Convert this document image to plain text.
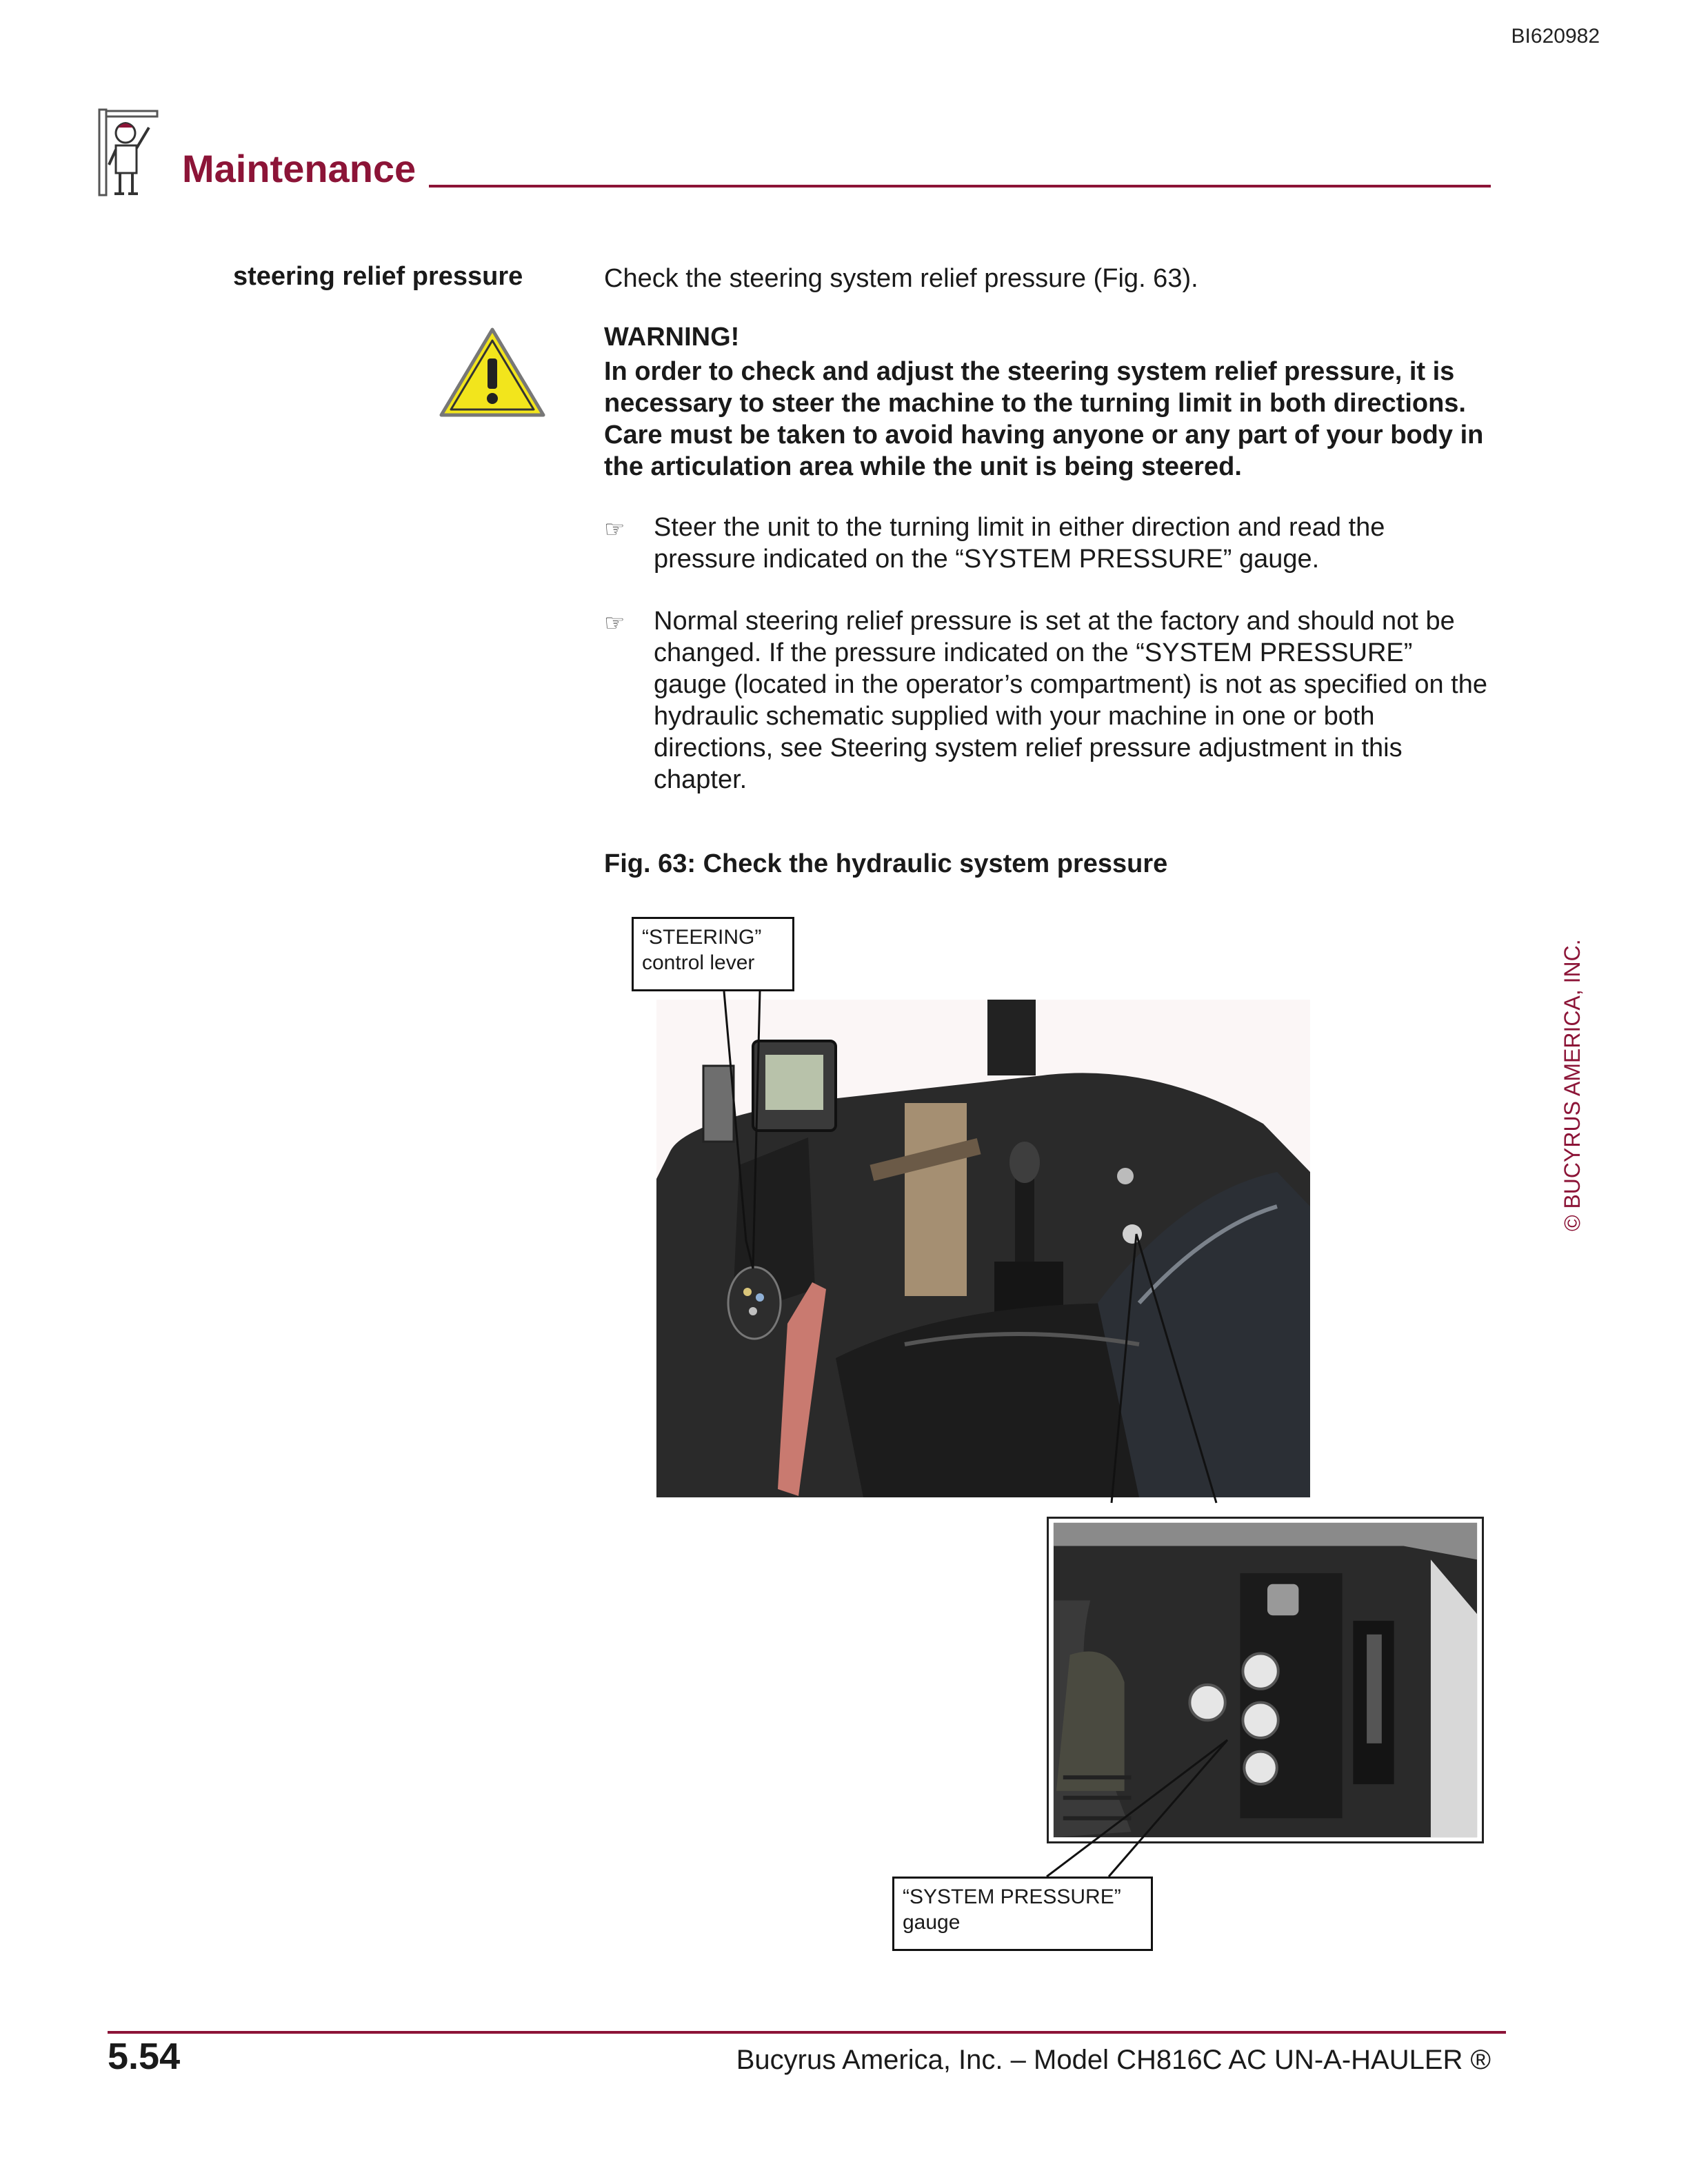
BI620982
Maintenance
steering relief pressure	Check the steering system relief pressure (Fig. 63).
WARNING!
In order to check and adjust the steering system relief pressure, it is necessary to steer the machine to the turning limit in both directions. Care must be taken to avoid having anyone or any part of your body in the articulation area while the unit is being steered.
☞ Steer the unit to the turning limit in either direction and read the pressure indicated on the “SYSTEM PRESSURE” gauge.
☞ Normal steering relief pressure is set at the factory and should not be changed. If the pressure indicated on the “SYSTEM PRESSURE” gauge (located in the operator’s compartment) is not as specified on the hydraulic schematic supplied with your machine in one or both directions, see Steering system relief pressure adjustment in this chapter.
Fig. 63: Check the hydraulic system pressure
“STEERING”
control lever
“SYSTEM PRESSURE”
gauge
© BUCYRUS AMERICA, INC.
5.54	Bucyrus America, Inc. – Model CH816C AC UN-A-HAULER ®
